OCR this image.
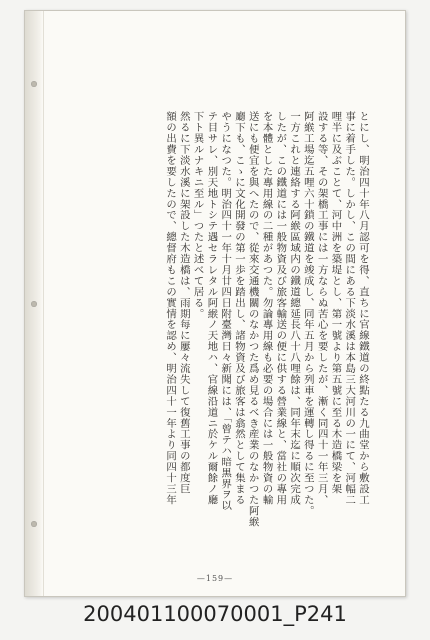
とにし、明治四十年八月認可を得、直ちに官線鐵道の終點たる九曲堂から敷設工
事に着手した。しかし、この間にある下淡水溪は本島三大河川の一にて、河幅二
哩半に及ぶことて、河中洲を築堤とし、第一號より第五號に至る木造橋梁を架
設する等、その架橋工事には一方ならぬ苦心を要したが、漸く同四十一年三月、
阿緱工場迄五哩六十鎖の鐵道を竣成し、同年五月から列車を運轉し得るに至つた。
一方これと連絡する阿緱區域内の鐵道總延長八十八哩餘は、同年末迄に順次完成
したが、この鐵道には一般物資及び旅客輸送の便に供する營業線と、當社の專用
を本體とした專用線の二種があつた。勿論專用線も必要の場合には一般物資の輸
送にも便宜を與へたので、從來交通機關のなかつた爲め見るべき産業のなかつた阿緱
廳下も、こゝに文化開發の第一歩を踏出し、諸物資及び旅客は翕然として集まる
やうになつた。明治四十一年十月廿四日附臺灣日々新聞には、「曾テハ暗黒界ヲ以
テ目サレ、別天地トシテ遇セラレタル阿緱ノ天地ハ、官線沿道ニ於ケル爾餘ノ廳
下ト異ルナキニ至ル」つたと述べて居る。
然るに下淡水溪に架設した木造橋は、雨期每に屢々流失して復舊工事の都度巨
額の出費を要したので、總督府もこの實情を認め、明治四十一年より同四十三年
—159—
200401100070001_P241
